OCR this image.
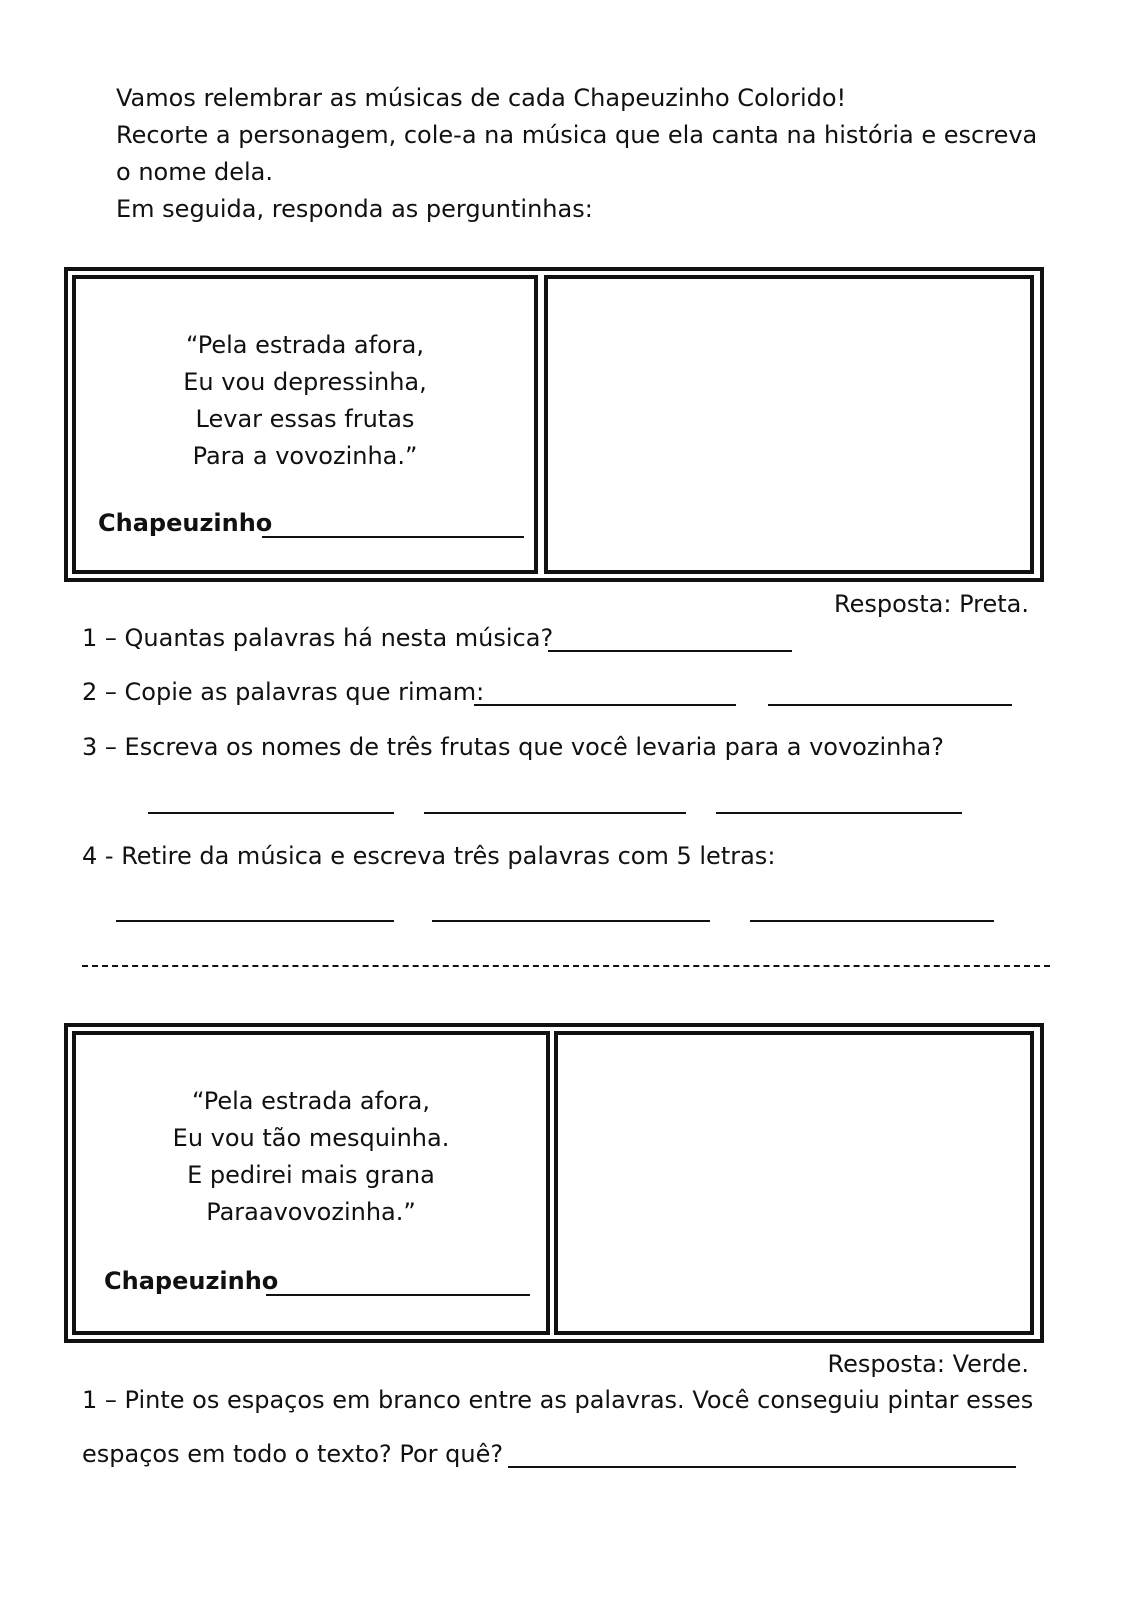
Vamos relembrar as músicas de cada Chapeuzinho Colorido!
Recorte a personagem, cole-a na música que ela canta na história e escreva
o nome dela.
Em seguida, responda as perguntinhas:
“Pela estrada afora,
Eu vou depressinha,
Levar essas frutas
Para a vovozinha.”
Chapeuzinho
Resposta: Preta.
1 – Quantas palavras há nesta música?
2 – Copie as palavras que rimam:
3 – Escreva os nomes de três frutas que você levaria para a vovozinha?
4 - Retire da música e escreva três palavras com 5 letras:
“Pela estrada afora,
Eu vou tão mesquinha.
E pedirei mais grana
Paraavovozinha.”
Chapeuzinho
Resposta: Verde.
1 – Pinte os espaços em branco entre as palavras. Você conseguiu pintar esses
espaços em todo o texto? Por quê?
